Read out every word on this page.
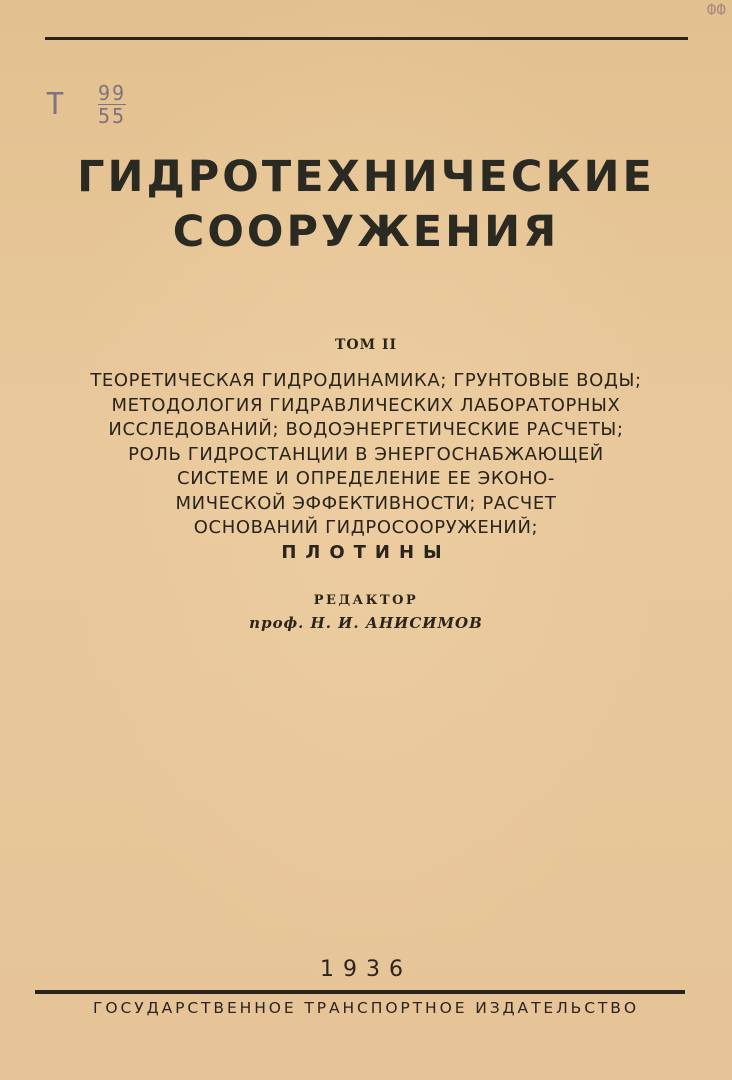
Т 99
55
ФФ
ГИДРОТЕХНИЧЕСКИЕ
СООРУЖЕНИЯ
ТОМ II
ТЕОРЕТИЧЕСКАЯ ГИДРОДИНАМИКА; ГРУНТОВЫЕ ВОДЫ;
МЕТОДОЛОГИЯ ГИДРАВЛИЧЕСКИХ ЛАБОРАТОРНЫХ
ИССЛЕДОВАНИЙ; ВОДОЭНЕРГЕТИЧЕСКИЕ РАСЧЕТЫ;
РОЛЬ ГИДРОСТАНЦИИ В ЭНЕРГОСНАБЖАЮЩЕЙ
СИСТЕМЕ И ОПРЕДЕЛЕНИЕ ЕЕ ЭКОНО-
МИЧЕСКОЙ ЭФФЕКТИВНОСТИ; РАСЧЕТ
ОСНОВАНИЙ ГИДРОСООРУЖЕНИЙ;
ПЛОТИНЫ
РЕДАКТОР
проф. Н. И. АНИСИМОВ
1936
ГОСУДАРСТВЕННОЕ ТРАНСПОРТНОЕ ИЗДАТЕЛЬСТВО
